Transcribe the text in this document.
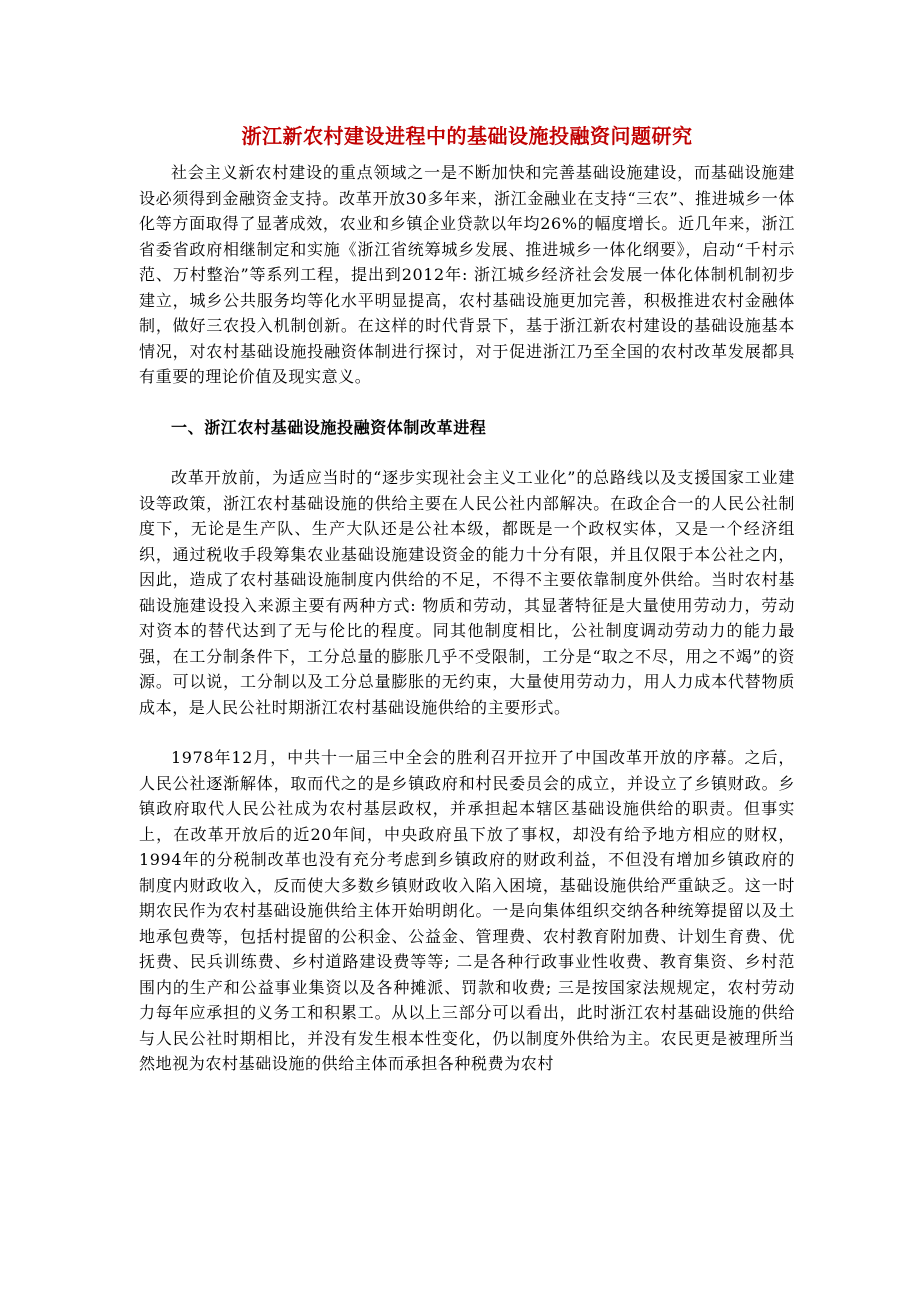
浙江新农村建设进程中的基础设施投融资问题研究

社会主义新农村建设的重点领域之一是不断加快和完善基础设施建设，而基础设施建设必须得到金融资金支持。改革开放30多年来，浙江金融业在支持“三农”、推进城乡一体化等方面取得了显著成效，农业和乡镇企业贷款以年均26%的幅度增长。近几年来，浙江省委省政府相继制定和实施《浙江省统筹城乡发展、推进城乡一体化纲要》，启动“千村示范、万村整治”等系列工程，提出到2012年: 浙江城乡经济社会发展一体化体制机制初步建立，城乡公共服务均等化水平明显提高，农村基础设施更加完善，积极推进农村金融体制，做好三农投入机制创新。在这样的时代背景下，基于浙江新农村建设的基础设施基本情况，对农村基础设施投融资体制进行探讨，对于促进浙江乃至全国的农村改革发展都具有重要的理论价值及现实意义。

一、浙江农村基础设施投融资体制改革进程

改革开放前，为适应当时的“逐步实现社会主义工业化”的总路线以及支援国家工业建设等政策，浙江农村基础设施的供给主要在人民公社内部解决。在政企合一的人民公社制度下，无论是生产队、生产大队还是公社本级，都既是一个政权实体，又是一个经济组织，通过税收手段筹集农业基础设施建设资金的能力十分有限，并且仅限于本公社之内，因此，造成了农村基础设施制度内供给的不足，不得不主要依靠制度外供给。当时农村基础设施建设投入来源主要有两种方式: 物质和劳动，其显著特征是大量使用劳动力，劳动对资本的替代达到了无与伦比的程度。同其他制度相比，公社制度调动劳动力的能力最强，在工分制条件下，工分总量的膨胀几乎不受限制，工分是“取之不尽，用之不竭”的资源。可以说，工分制以及工分总量膨胀的无约束，大量使用劳动力，用人力成本代替物质成本，是人民公社时期浙江农村基础设施供给的主要形式。

1978年12月，中共十一届三中全会的胜利召开拉开了中国改革开放的序幕。之后，人民公社逐渐解体，取而代之的是乡镇政府和村民委员会的成立，并设立了乡镇财政。乡镇政府取代人民公社成为农村基层政权，并承担起本辖区基础设施供给的职责。但事实上，在改革开放后的近20年间，中央政府虽下放了事权，却没有给予地方相应的财权，1994年的分税制改革也没有充分考虑到乡镇政府的财政利益，不但没有增加乡镇政府的制度内财政收入，反而使大多数乡镇财政收入陷入困境，基础设施供给严重缺乏。这一时期农民作为农村基础设施供给主体开始明朗化。一是向集体组织交纳各种统筹提留以及土地承包费等，包括村提留的公积金、公益金、管理费、农村教育附加费、计划生育费、优抚费、民兵训练费、乡村道路建设费等等; 二是各种行政事业性收费、教育集资、乡村范围内的生产和公益事业集资以及各种摊派、罚款和收费; 三是按国家法规规定，农村劳动力每年应承担的义务工和积累工。从以上三部分可以看出，此时浙江农村基础设施的供给与人民公社时期相比，并没有发生根本性变化，仍以制度外供给为主。农民更是被理所当然地视为农村基础设施的供给主体而承担各种税费为农村
